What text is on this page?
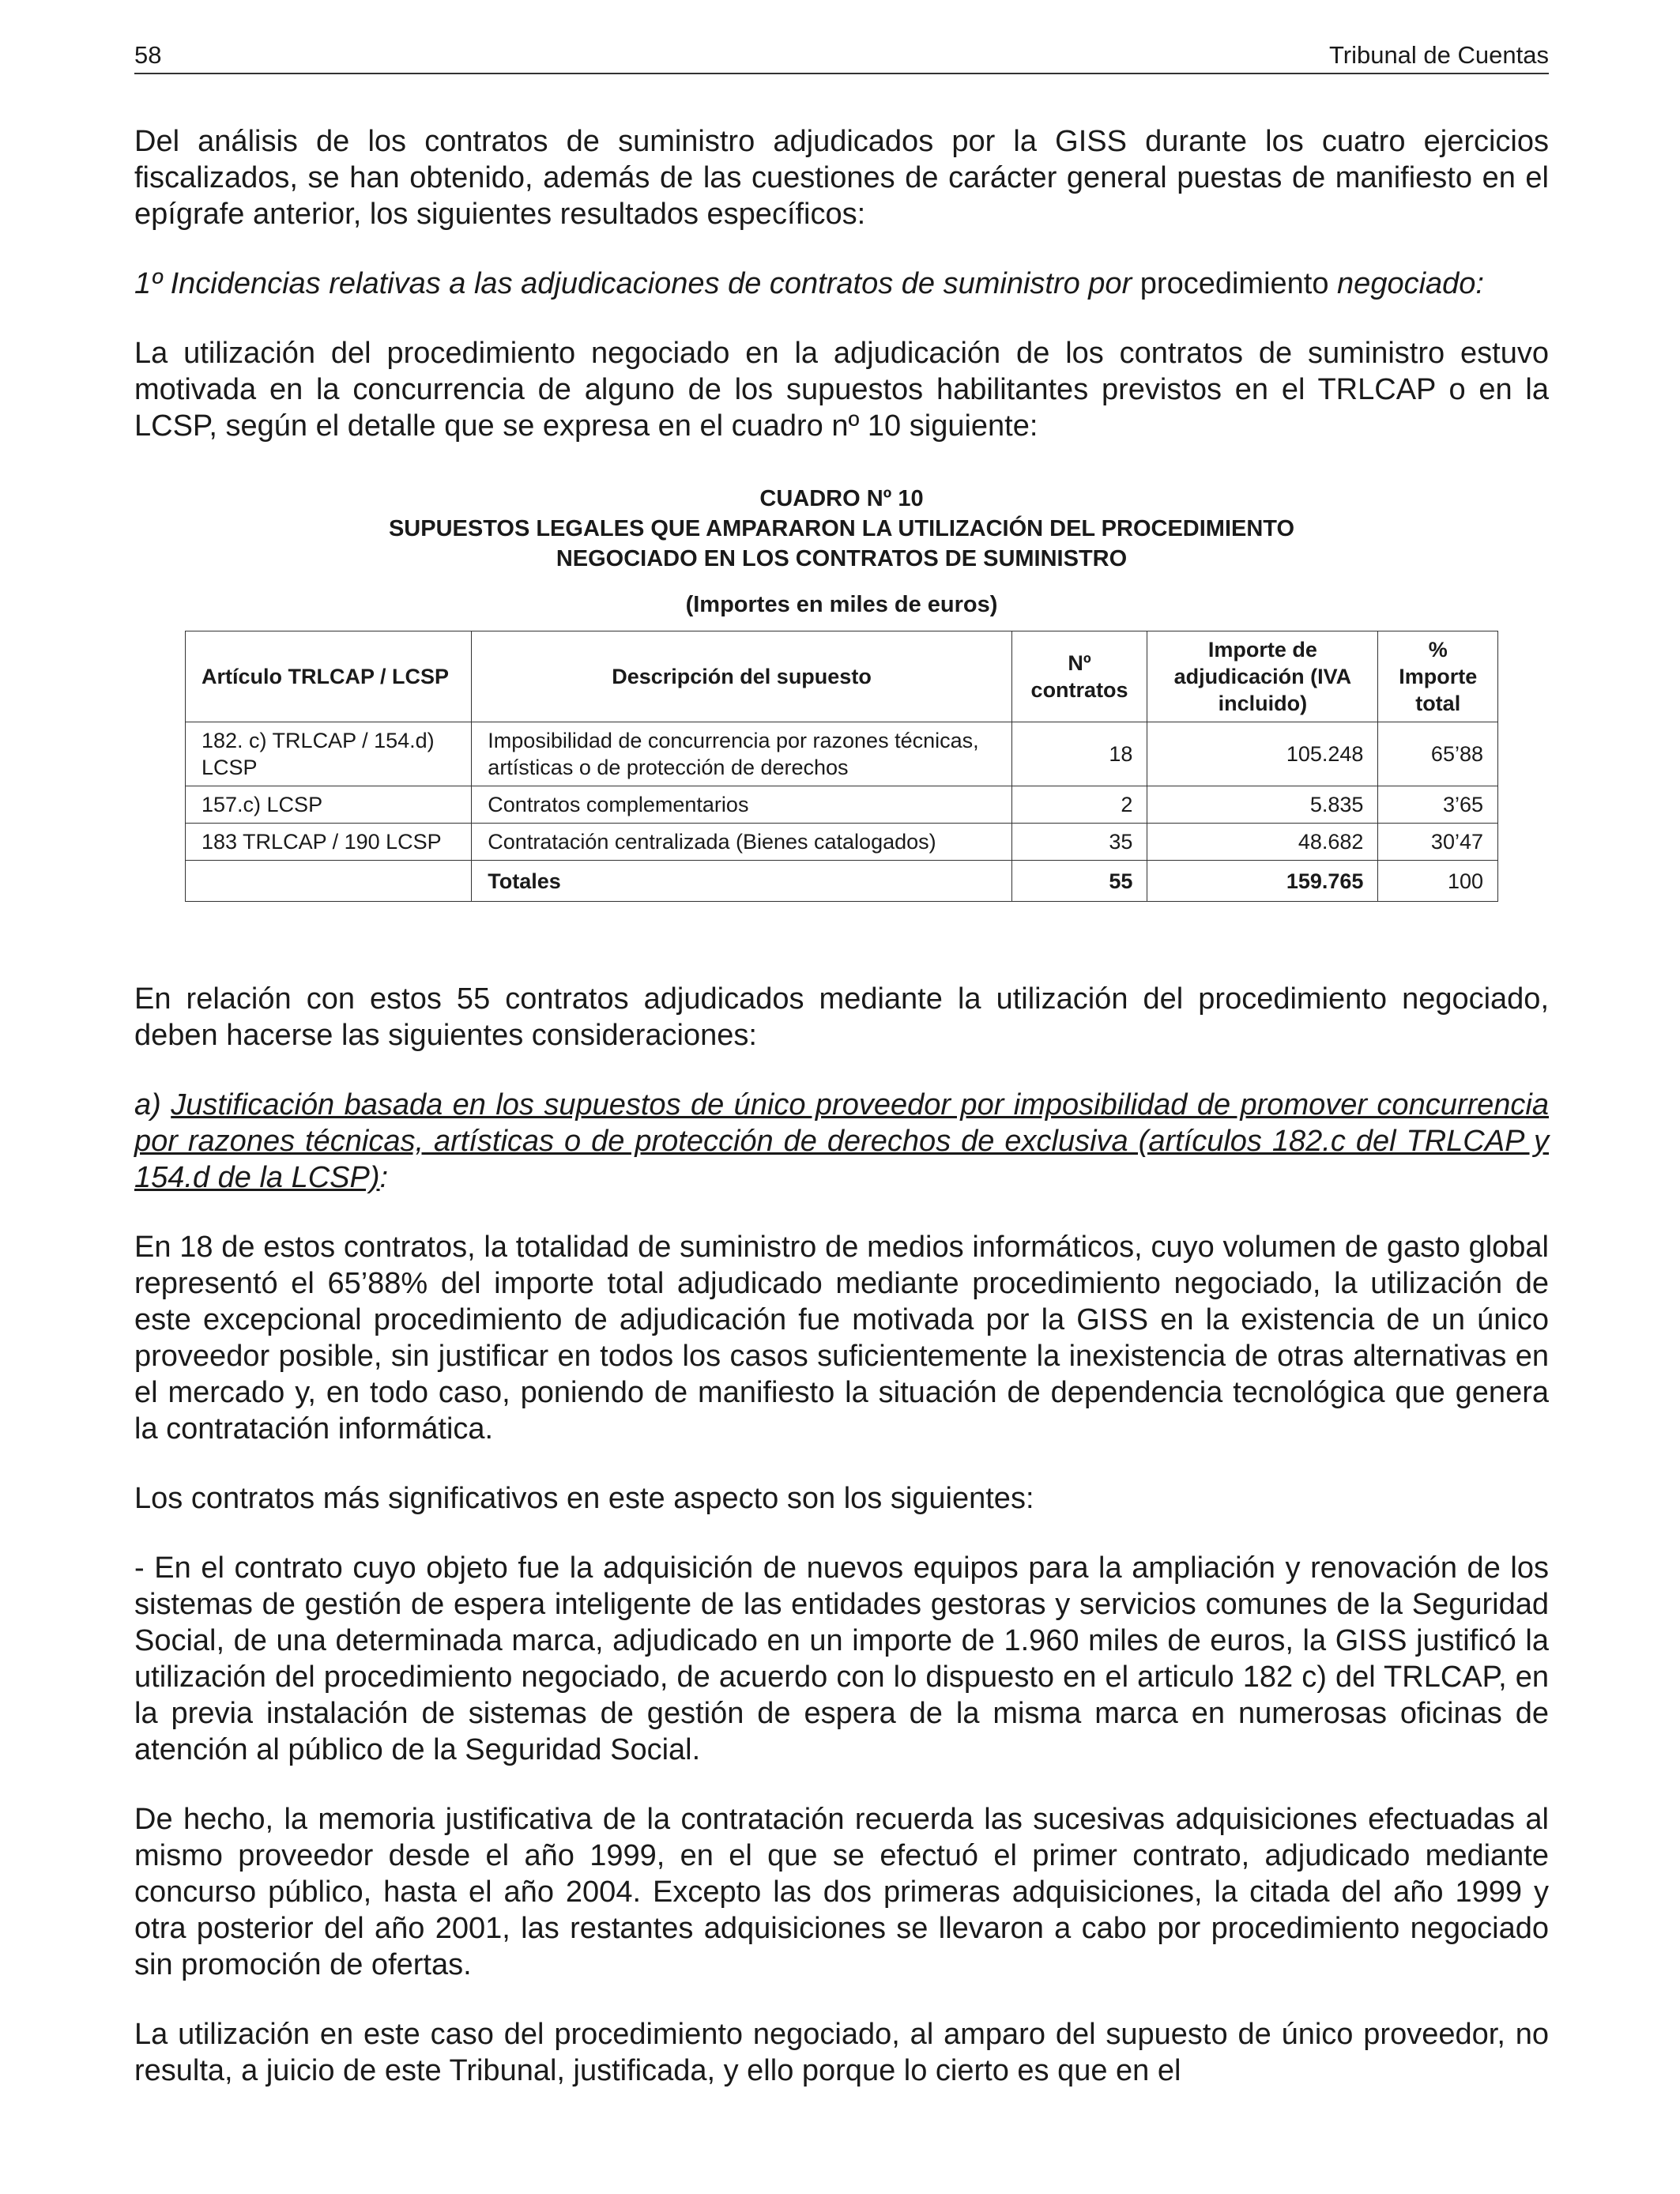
58	Tribunal de Cuentas

Del análisis de los contratos de suministro adjudicados por la GISS durante los cuatro ejercicios fiscalizados, se han obtenido, además de las cuestiones de carácter general puestas de manifiesto en el epígrafe anterior, los siguientes resultados específicos:

1º Incidencias relativas a las adjudicaciones de contratos de suministro por procedimiento negociado:

La utilización del procedimiento negociado en la adjudicación de los contratos de suministro estuvo motivada en la concurrencia de alguno de los supuestos habilitantes previstos en el TRLCAP o en la LCSP, según el detalle que se expresa en el cuadro nº 10 siguiente:

CUADRO Nº 10
SUPUESTOS LEGALES QUE AMPARARON LA UTILIZACIÓN DEL PROCEDIMIENTO
NEGOCIADO EN LOS CONTRATOS DE SUMINISTRO
(Importes en miles de euros)
Artículo TRLCAP / LCSP	Descripción del supuesto	Nº contratos	Importe de adjudicación (IVA incluido)	% Importe total
182. c) TRLCAP / 154.d) LCSP	Imposibilidad de concurrencia por razones técnicas, artísticas o de protección de derechos	18	105.248	65’88
157.c) LCSP	Contratos complementarios	2	5.835	3’65
183 TRLCAP / 190 LCSP	Contratación centralizada (Bienes catalogados)	35	48.682	30’47
	Totales	55	159.765	100

En relación con estos 55 contratos adjudicados mediante la utilización del procedimiento negociado, deben hacerse las siguientes consideraciones:

a) Justificación basada en los supuestos de único proveedor por imposibilidad de promover concurrencia por razones técnicas, artísticas o de protección de derechos de exclusiva (artículos 182.c del TRLCAP y 154.d de la LCSP):

En 18 de estos contratos, la totalidad de suministro de medios informáticos, cuyo volumen de gasto global representó el 65’88% del importe total adjudicado mediante procedimiento negociado, la utilización de este excepcional procedimiento de adjudicación fue motivada por la GISS en la existencia de un único proveedor posible, sin justificar en todos los casos suficientemente la inexistencia de otras alternativas en el mercado y, en todo caso, poniendo de manifiesto la situación de dependencia tecnológica que genera la contratación informática.

Los contratos más significativos en este aspecto son los siguientes:

- En el contrato cuyo objeto fue la adquisición de nuevos equipos para la ampliación y renovación de los sistemas de gestión de espera inteligente de las entidades gestoras y servicios comunes de la Seguridad Social, de una determinada marca, adjudicado en un importe de 1.960 miles de euros, la GISS justificó la utilización del procedimiento negociado, de acuerdo con lo dispuesto en el articulo 182 c) del TRLCAP, en la previa instalación de sistemas de gestión de espera de la misma marca en numerosas oficinas de atención al público de la Seguridad Social.

De hecho, la memoria justificativa de la contratación recuerda las sucesivas adquisiciones efectuadas al mismo proveedor desde el año 1999, en el que se efectuó el primer contrato, adjudicado mediante concurso público, hasta el año 2004. Excepto las dos primeras adquisiciones, la citada del año 1999 y otra posterior del año 2001, las restantes adquisiciones se llevaron a cabo por procedimiento negociado sin promoción de ofertas.

La utilización en este caso del procedimiento negociado, al amparo del supuesto de único proveedor, no resulta, a juicio de este Tribunal, justificada, y ello porque lo cierto es que en el
